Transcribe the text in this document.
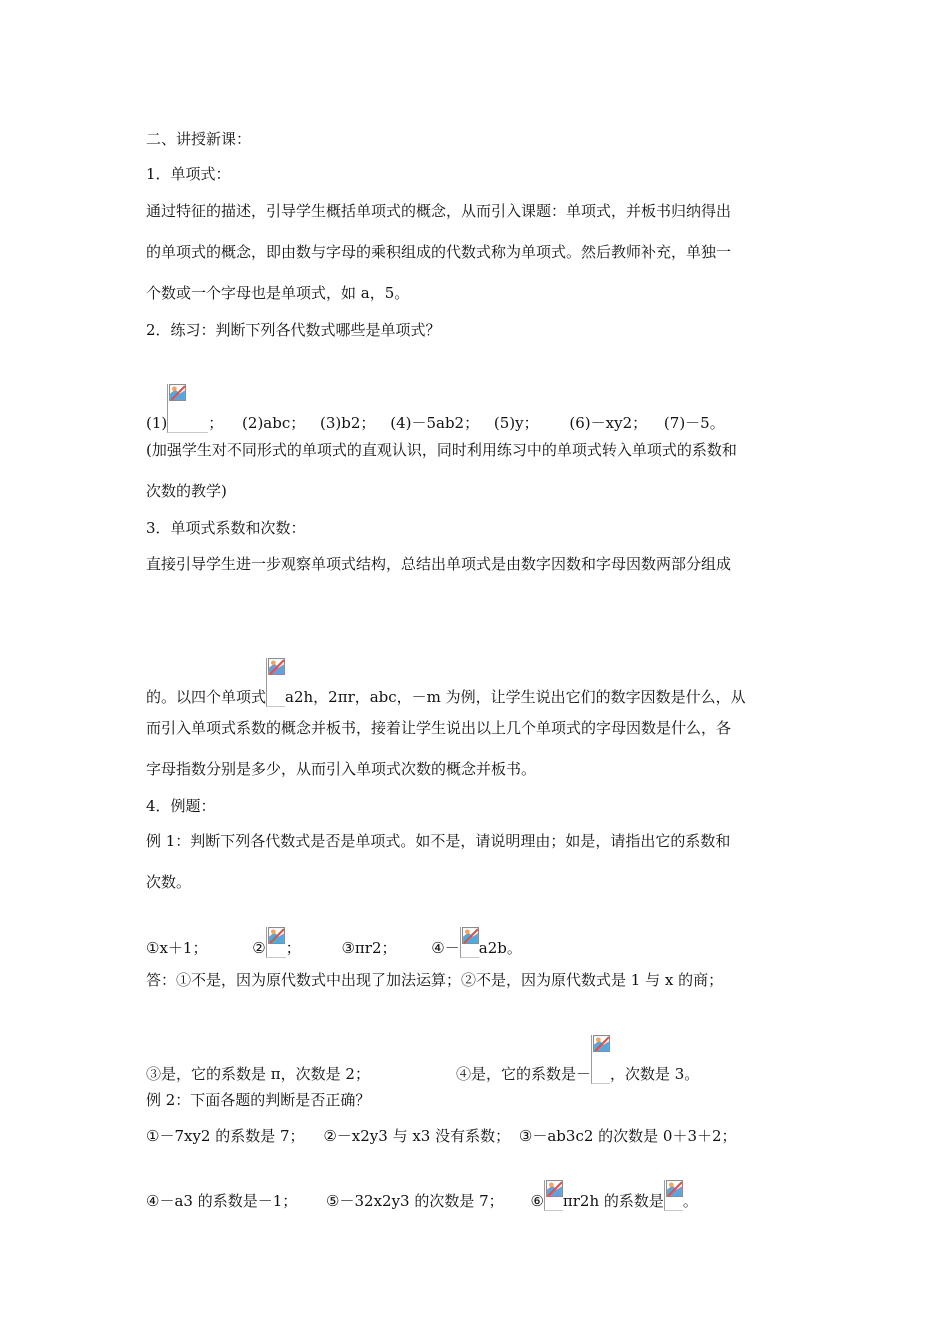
二、讲授新课：
1．单项式：
通过特征的描述，引导学生概括单项式的概念，从而引入课题：单项式，并板书归纳得出
的单项式的概念，即由数与字母的乘积组成的代数式称为单项式。然后教师补充，单独一
个数或一个字母也是单项式，如 a，5。
2．练习：判断下列各代数式哪些是单项式？
(1)	； (2)abc； (3)b2； (4)－5ab2； (5)y； (6)－xy2； (7)－5。
(加强学生对不同形式的单项式的直观认识，同时利用练习中的单项式转入单项式的系数和
次数的教学)
3．单项式系数和次数：
直接引导学生进一步观察单项式结构，总结出单项式是由数字因数和字母因数两部分组成
的。以四个单项式 a2h，2πr，abc，－m 为例，让学生说出它们的数字因数是什么，从
而引入单项式系数的概念并板书，接着让学生说出以上几个单项式的字母因数是什么，各
字母指数分别是多少，从而引入单项式次数的概念并板书。
4．例题：
例 1：判断下列各代数式是否是单项式。如不是，请说明理由；如是，请指出它的系数和
次数。
①x＋1；	② ；	③πr2； ④－ a2b。
答：①不是，因为原代数式中出现了加法运算；②不是，因为原代数式是 1 与 x 的商；
③是，它的系数是 π，次数是 2；	④是，它的系数是－ ，次数是 3。
例 2：下面各题的判断是否正确？
①－7xy2 的系数是 7； ②－x2y3 与 x3 没有系数； ③－ab3c2 的次数是 0＋3＋2；
④－a3 的系数是－1； ⑤－32x2y3 的次数是 7； ⑥ πr2h 的系数是 。
